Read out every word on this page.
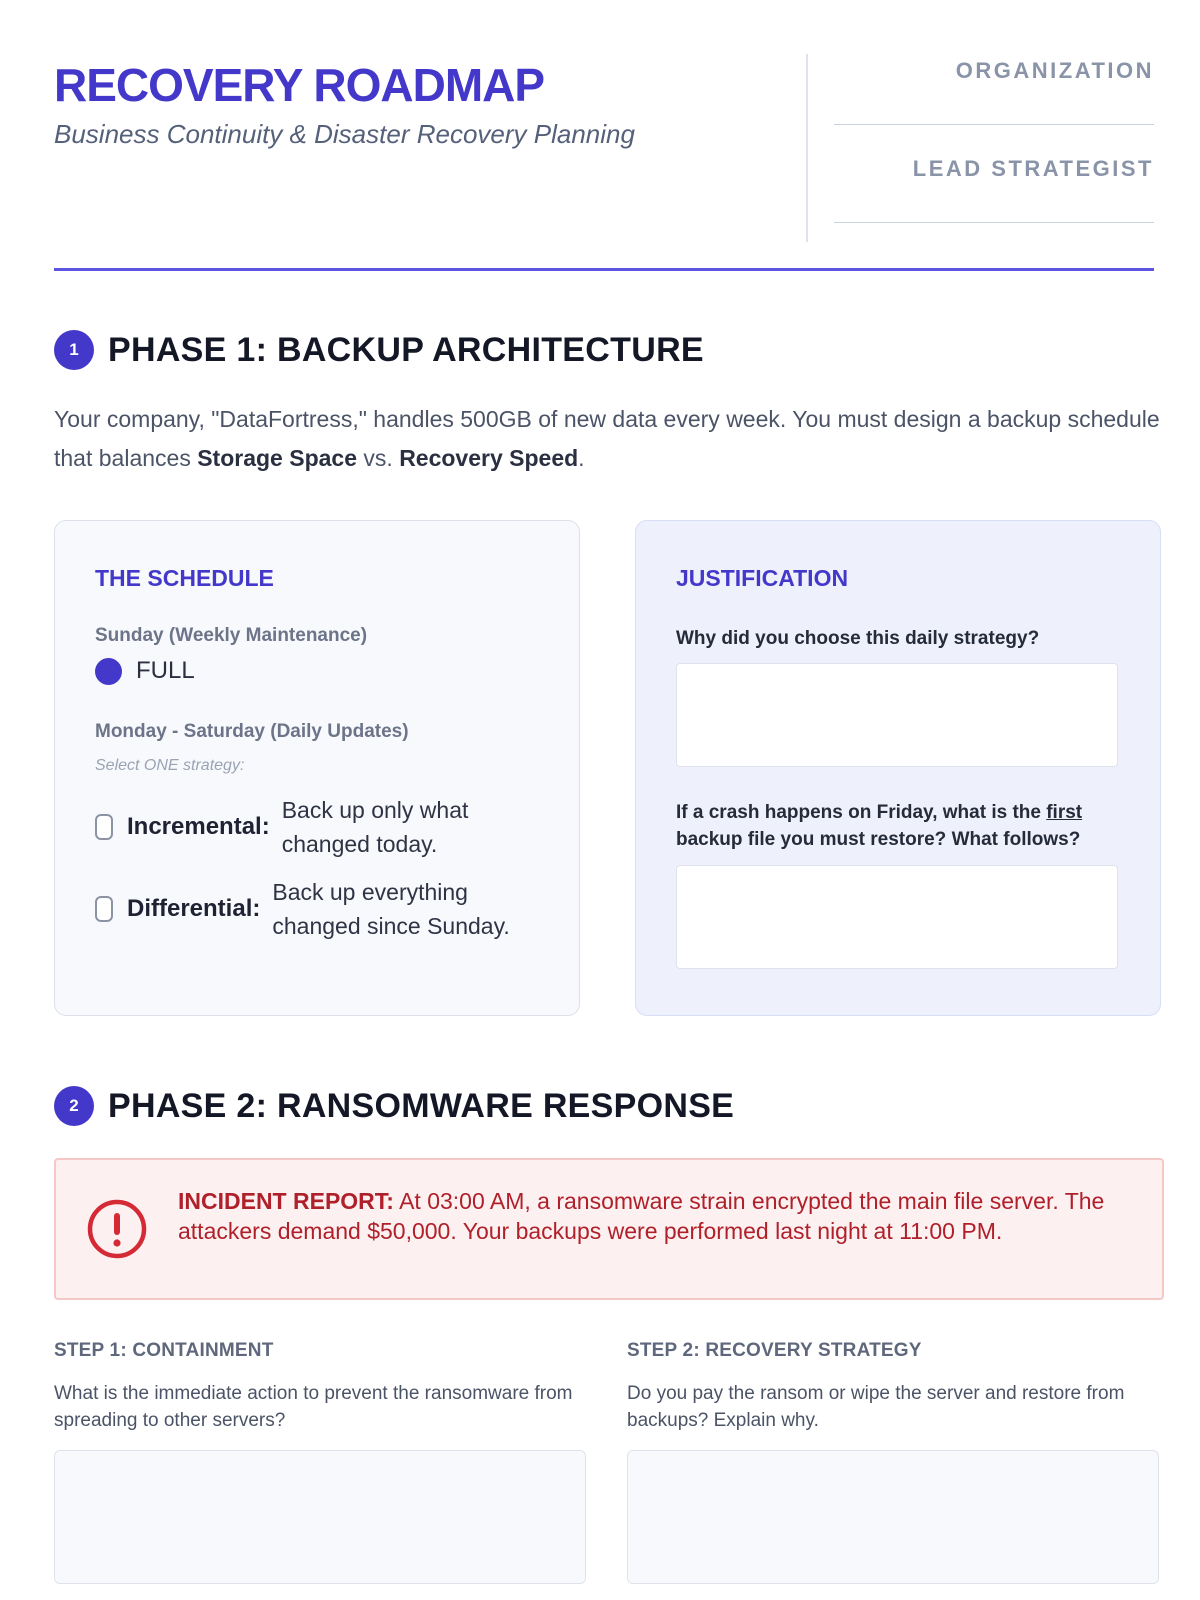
RECOVERY ROADMAP
Business Continuity & Disaster Recovery Planning
ORGANIZATION
LEAD STRATEGIST
1 PHASE 1: BACKUP ARCHITECTURE

Your company, "DataFortress," handles 500GB of new data every week. You must design a backup schedule that balances Storage Space vs. Recovery Speed.

THE SCHEDULE
Sunday (Weekly Maintenance)
FULL
Monday - Saturday (Daily Updates)
Select ONE strategy:
Incremental:
Back up only what changed today.
Differential:
Back up everything changed since Sunday.
JUSTIFICATION
Why did you choose this daily strategy?
If a crash happens on Friday, what is the first backup file you must restore? What follows?
2 PHASE 2: RANSOMWARE RESPONSE

INCIDENT REPORT: At 03:00 AM, a ransomware strain encrypted the main file server. The attackers demand $50,000. Your backups were performed last night at 11:00 PM.

STEP 1: CONTAINMENT
What is the immediate action to prevent the ransomware from spreading to other servers?
STEP 2: RECOVERY STRATEGY
Do you pay the ransom or wipe the server and restore from backups? Explain why.
